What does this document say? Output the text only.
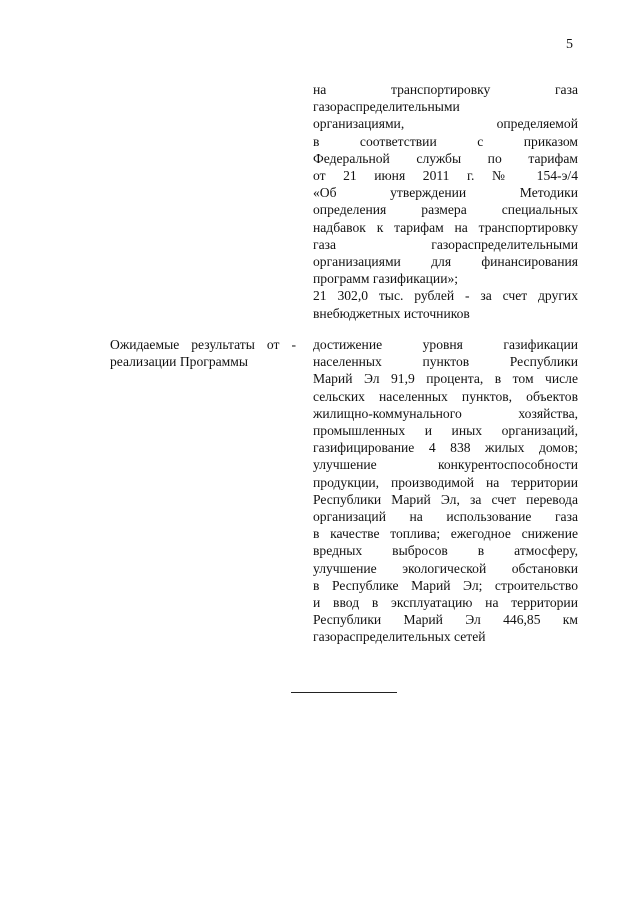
5
на транспортировку газа
газораспределительными
организациями, определяемой
в соответствии с приказом
Федеральной службы по тарифам
от 21 июня 2011 г. № 154-э/4
«Об утверждении Методики
определения размера специальных
надбавок к тарифам на транспортировку
газа газораспределительными
организациями для финансирования
программ газификации»;
21 302,0 тыс. рублей - за счет других
внебюджетных источников
Ожидаемые результаты от -
реализации Программы
достижение уровня газификации
населенных пунктов Республики
Марий Эл 91,9 процента, в том числе
сельских населенных пунктов, объектов
жилищно-коммунального хозяйства,
промышленных и иных организаций,
газифицирование 4 838 жилых домов;
улучшение конкурентоспособности
продукции, производимой на территории
Республики Марий Эл, за счет перевода
организаций на использование газа
в качестве топлива; ежегодное снижение
вредных выбросов в атмосферу,
улучшение экологической обстановки
в Республике Марий Эл; строительство
и ввод в эксплуатацию на территории
Республики Марий Эл 446,85 км
газораспределительных сетей
